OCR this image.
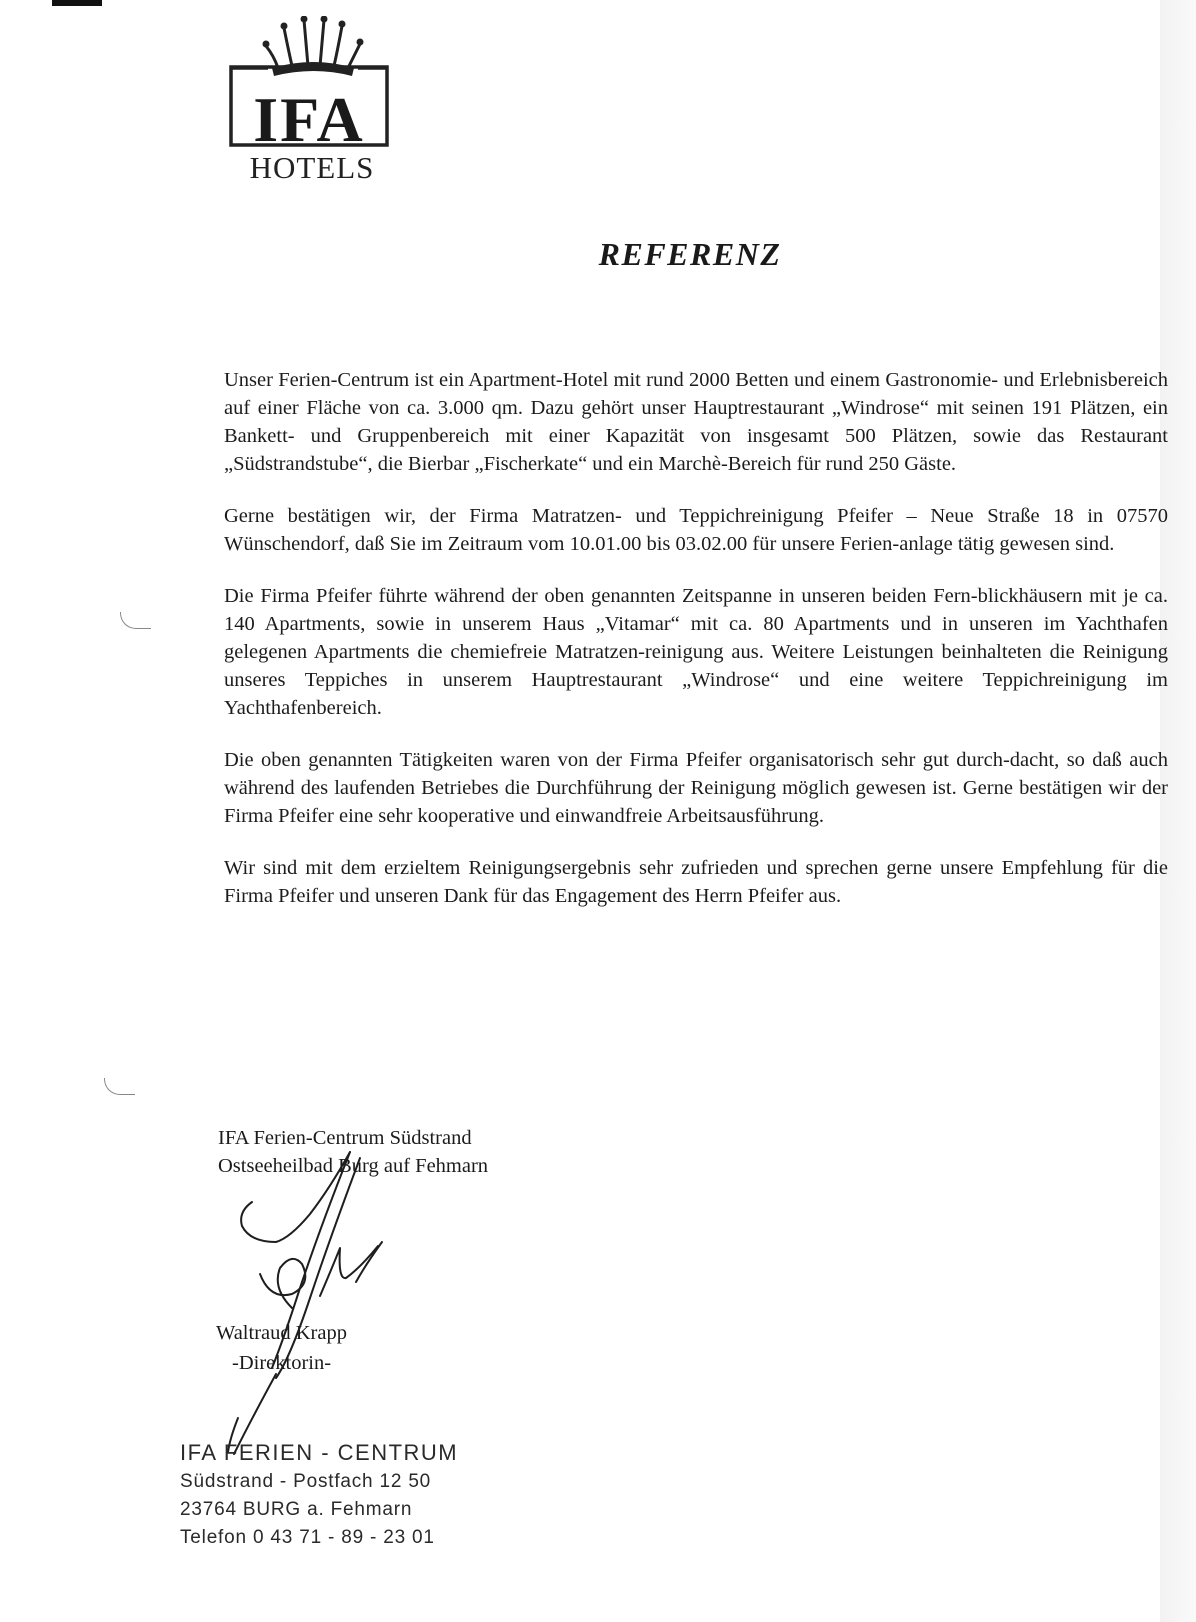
IFA
HOTELS
REFERENZ

Unser Ferien-Centrum ist ein Apartment-Hotel mit rund 2000 Betten und einem Gastronomie- und Erlebnisbereich auf einer Fläche von ca. 3.000 qm. Dazu gehört unser Hauptrestaurant „Windrose“ mit seinen 191 Plätzen, ein Bankett- und Gruppenbereich mit einer Kapazität von insgesamt 500 Plätzen, sowie das Restaurant „Südstrandstube“, die Bierbar „Fischerkate“ und ein Marchè-Bereich für rund 250 Gäste.

Gerne bestätigen wir, der Firma Matratzen- und Teppichreinigung Pfeifer – Neue Straße 18 in 07570 Wünschendorf, daß Sie im Zeitraum vom 10.01.00 bis 03.02.00 für unsere Ferien-anlage tätig gewesen sind.

Die Firma Pfeifer führte während der oben genannten Zeitspanne in unseren beiden Fern-blickhäusern mit je ca. 140 Apartments, sowie in unserem Haus „Vitamar“ mit ca. 80 Apartments und in unseren im Yachthafen gelegenen Apartments die chemiefreie Matratzen-reinigung aus. Weitere Leistungen beinhalteten die Reinigung unseres Teppiches in unserem Hauptrestaurant „Windrose“ und eine weitere Teppichreinigung im Yachthafenbereich.

Die oben genannten Tätigkeiten waren von der Firma Pfeifer organisatorisch sehr gut durch-dacht, so daß auch während des laufenden Betriebes die Durchführung der Reinigung möglich gewesen ist. Gerne bestätigen wir der Firma Pfeifer eine sehr kooperative und einwandfreie Arbeitsausführung.

Wir sind mit dem erzieltem Reinigungsergebnis sehr zufrieden und sprechen gerne unsere Empfehlung für die Firma Pfeifer und unseren Dank für das Engagement des Herrn Pfeifer aus.

IFA Ferien-Centrum Südstrand
Ostseeheilbad Burg auf Fehmarn
Waltraud Krapp
-Direktorin-
IFA FERIEN - CENTRUM
Südstrand - Postfach 12 50
23764 BURG a. Fehmarn
Telefon 0 43 71 - 89 - 23 01
